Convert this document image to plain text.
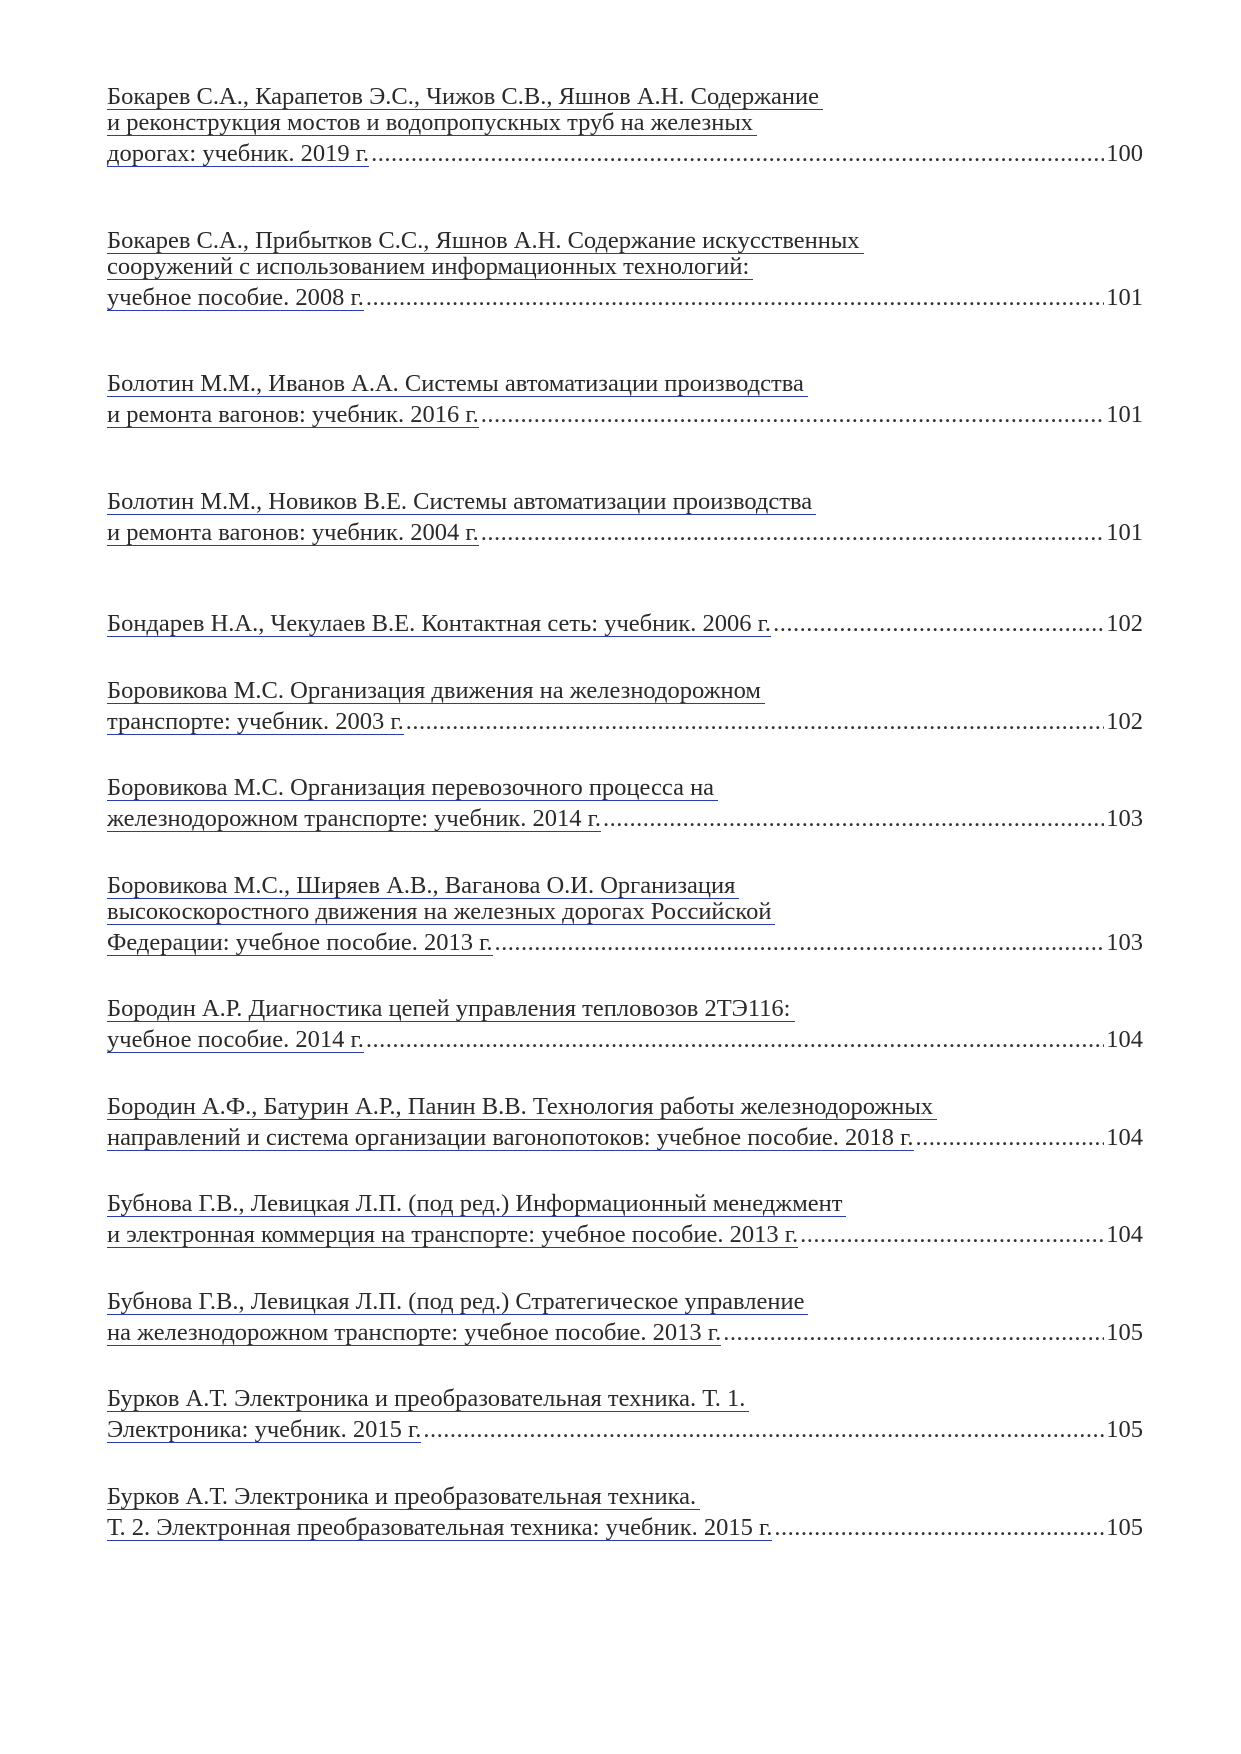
Бокарев С.А., Карапетов Э.С., Чижов С.В., Яшнов А.Н. Содержание
и реконструкция мостов и водопропускных труб на железных
дорогах: учебник. 2019 г. .....	100
Бокарев С.А., Прибытков С.С., Яшнов А.Н. Содержание искусственных
сооружений с использованием информационных технологий:
учебное пособие. 2008 г. .....	101
Болотин М.М., Иванов А.А. Системы автоматизации производства
и ремонта вагонов: учебник. 2016 г. .....	101
Болотин М.М., Новиков В.Е. Системы автоматизации производства
и ремонта вагонов: учебник. 2004 г. .....	101
Бондарев Н.А., Чекулаев В.Е. Контактная сеть: учебник. 2006 г. .....	102
Боровикова М.С. Организация движения на железнодорожном
транспорте: учебник. 2003 г. .....	102
Боровикова М.С. Организация перевозочного процесса на
железнодорожном транспорте: учебник. 2014 г. .....	103
Боровикова М.С., Ширяев А.В., Ваганова О.И. Организация
высокоскоростного движения на железных дорогах Российской
Федерации: учебное пособие. 2013 г. .....	103
Бородин А.Р. Диагностика цепей управления тепловозов 2ТЭ116:
учебное пособие. 2014 г. .....	104
Бородин А.Ф., Батурин А.Р., Панин В.В. Технология работы железнодорожных
направлений и система организации вагонопотоков: учебное пособие. 2018 г. .....	104
Бубнова Г.В., Левицкая Л.П. (под ред.) Информационный менеджмент
и электронная коммерция на транспорте: учебное пособие. 2013 г. .....	104
Бубнова Г.В., Левицкая Л.П. (под ред.) Стратегическое управление
на железнодорожном транспорте: учебное пособие. 2013 г. .....	105
Бурков А.Т. Электроника и преобразовательная техника. Т. 1.
Электроника: учебник. 2015 г. .....	105
Бурков А.Т. Электроника и преобразовательная техника.
Т. 2. Электронная преобразовательная техника: учебник. 2015 г. .....	105
